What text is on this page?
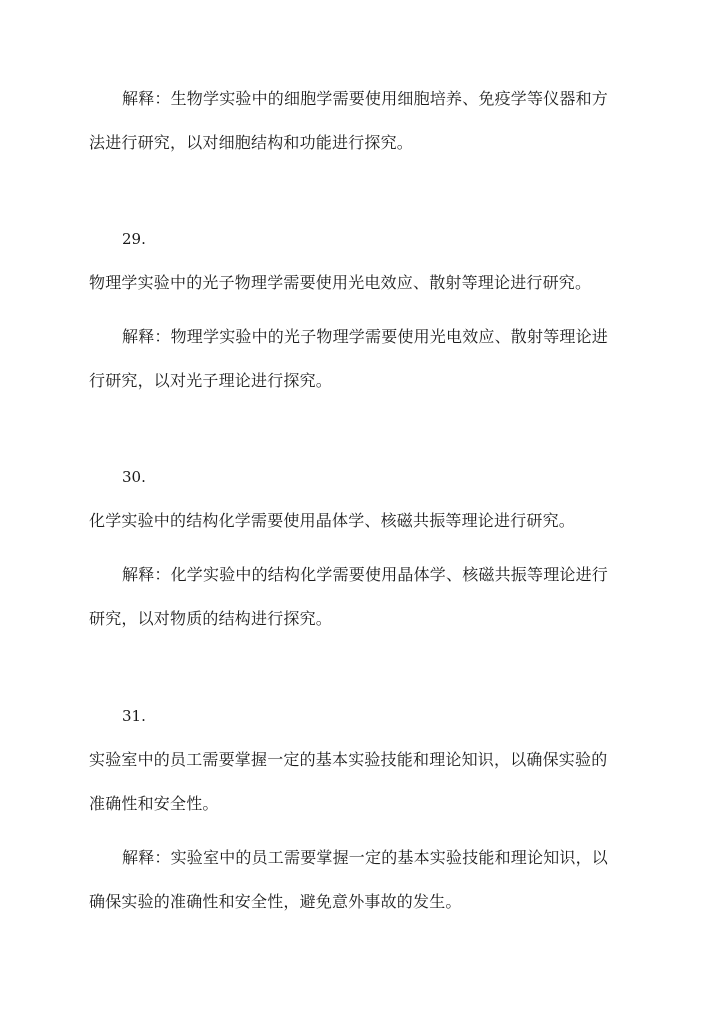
解释：生物学实验中的细胞学需要使用细胞培养、免疫学等仪器和方
法进行研究，以对细胞结构和功能进行探究。
29.
物理学实验中的光子物理学需要使用光电效应、散射等理论进行研究。
解释：物理学实验中的光子物理学需要使用光电效应、散射等理论进
行研究，以对光子理论进行探究。
30.
化学实验中的结构化学需要使用晶体学、核磁共振等理论进行研究。
解释：化学实验中的结构化学需要使用晶体学、核磁共振等理论进行
研究，以对物质的结构进行探究。
31.
实验室中的员工需要掌握一定的基本实验技能和理论知识，以确保实验的
准确性和安全性。
解释：实验室中的员工需要掌握一定的基本实验技能和理论知识，以
确保实验的准确性和安全性，避免意外事故的发生。
